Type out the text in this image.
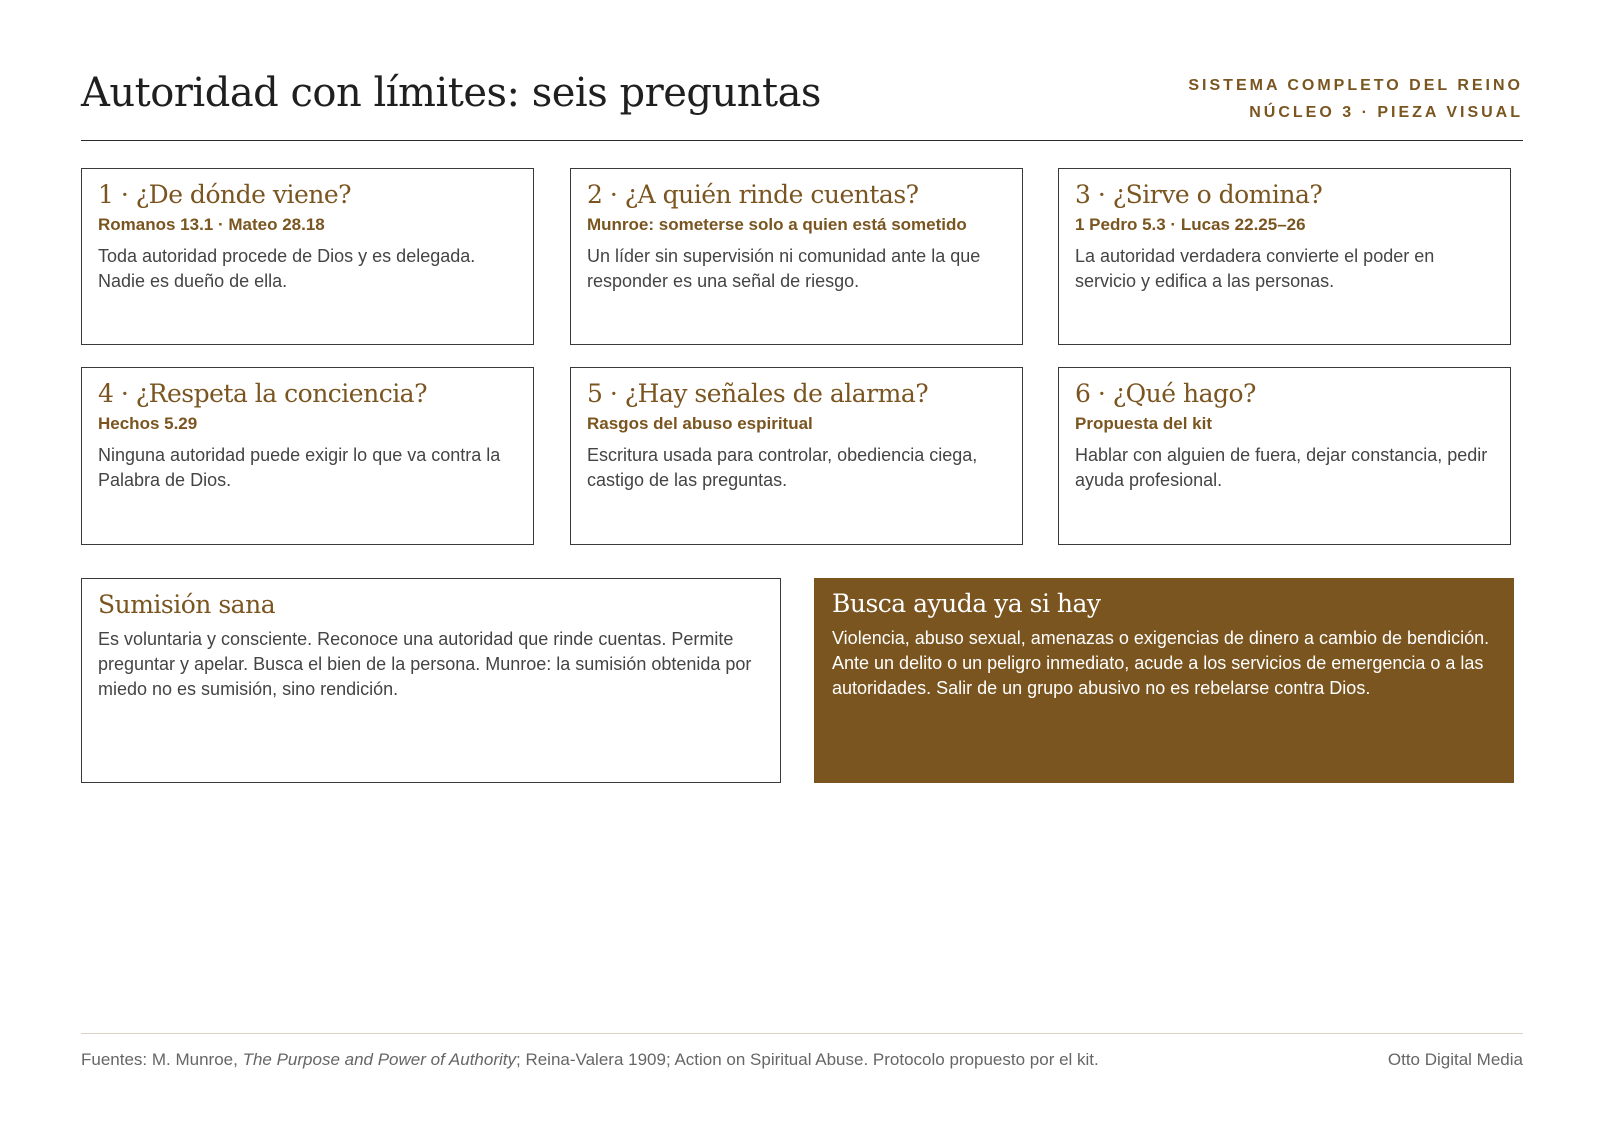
Autoridad con límites: seis preguntas	SISTEMA COMPLETO DEL REINO
NÚCLEO 3 · PIEZA VISUAL
1 · ¿De dónde viene?
Romanos 13.1 · Mateo 28.18
Toda autoridad procede de Dios y es delegada. Nadie es dueño de ella.
2 · ¿A quién rinde cuentas?
Munroe: someterse solo a quien está sometido
Un líder sin supervisión ni comunidad ante la que responder es una señal de riesgo.
3 · ¿Sirve o domina?
1 Pedro 5.3 · Lucas 22.25–26
La autoridad verdadera convierte el poder en servicio y edifica a las personas.
4 · ¿Respeta la conciencia?
Hechos 5.29
Ninguna autoridad puede exigir lo que va contra la Palabra de Dios.
5 · ¿Hay señales de alarma?
Rasgos del abuso espiritual
Escritura usada para controlar, obediencia ciega, castigo de las preguntas.
6 · ¿Qué hago?
Propuesta del kit
Hablar con alguien de fuera, dejar constancia, pedir ayuda profesional.
Sumisión sana
Es voluntaria y consciente. Reconoce una autoridad que rinde cuentas. Permite preguntar y apelar. Busca el bien de la persona. Munroe: la sumisión obtenida por miedo no es sumisión, sino rendición.
Busca ayuda ya si hay
Violencia, abuso sexual, amenazas o exigencias de dinero a cambio de bendición. Ante un delito o un peligro inmediato, acude a los servicios de emergencia o a las autoridades. Salir de un grupo abusivo no es rebelarse contra Dios.
Fuentes: M. Munroe, The Purpose and Power of Authority; Reina-Valera 1909; Action on Spiritual Abuse. Protocolo propuesto por el kit.	Otto Digital Media
